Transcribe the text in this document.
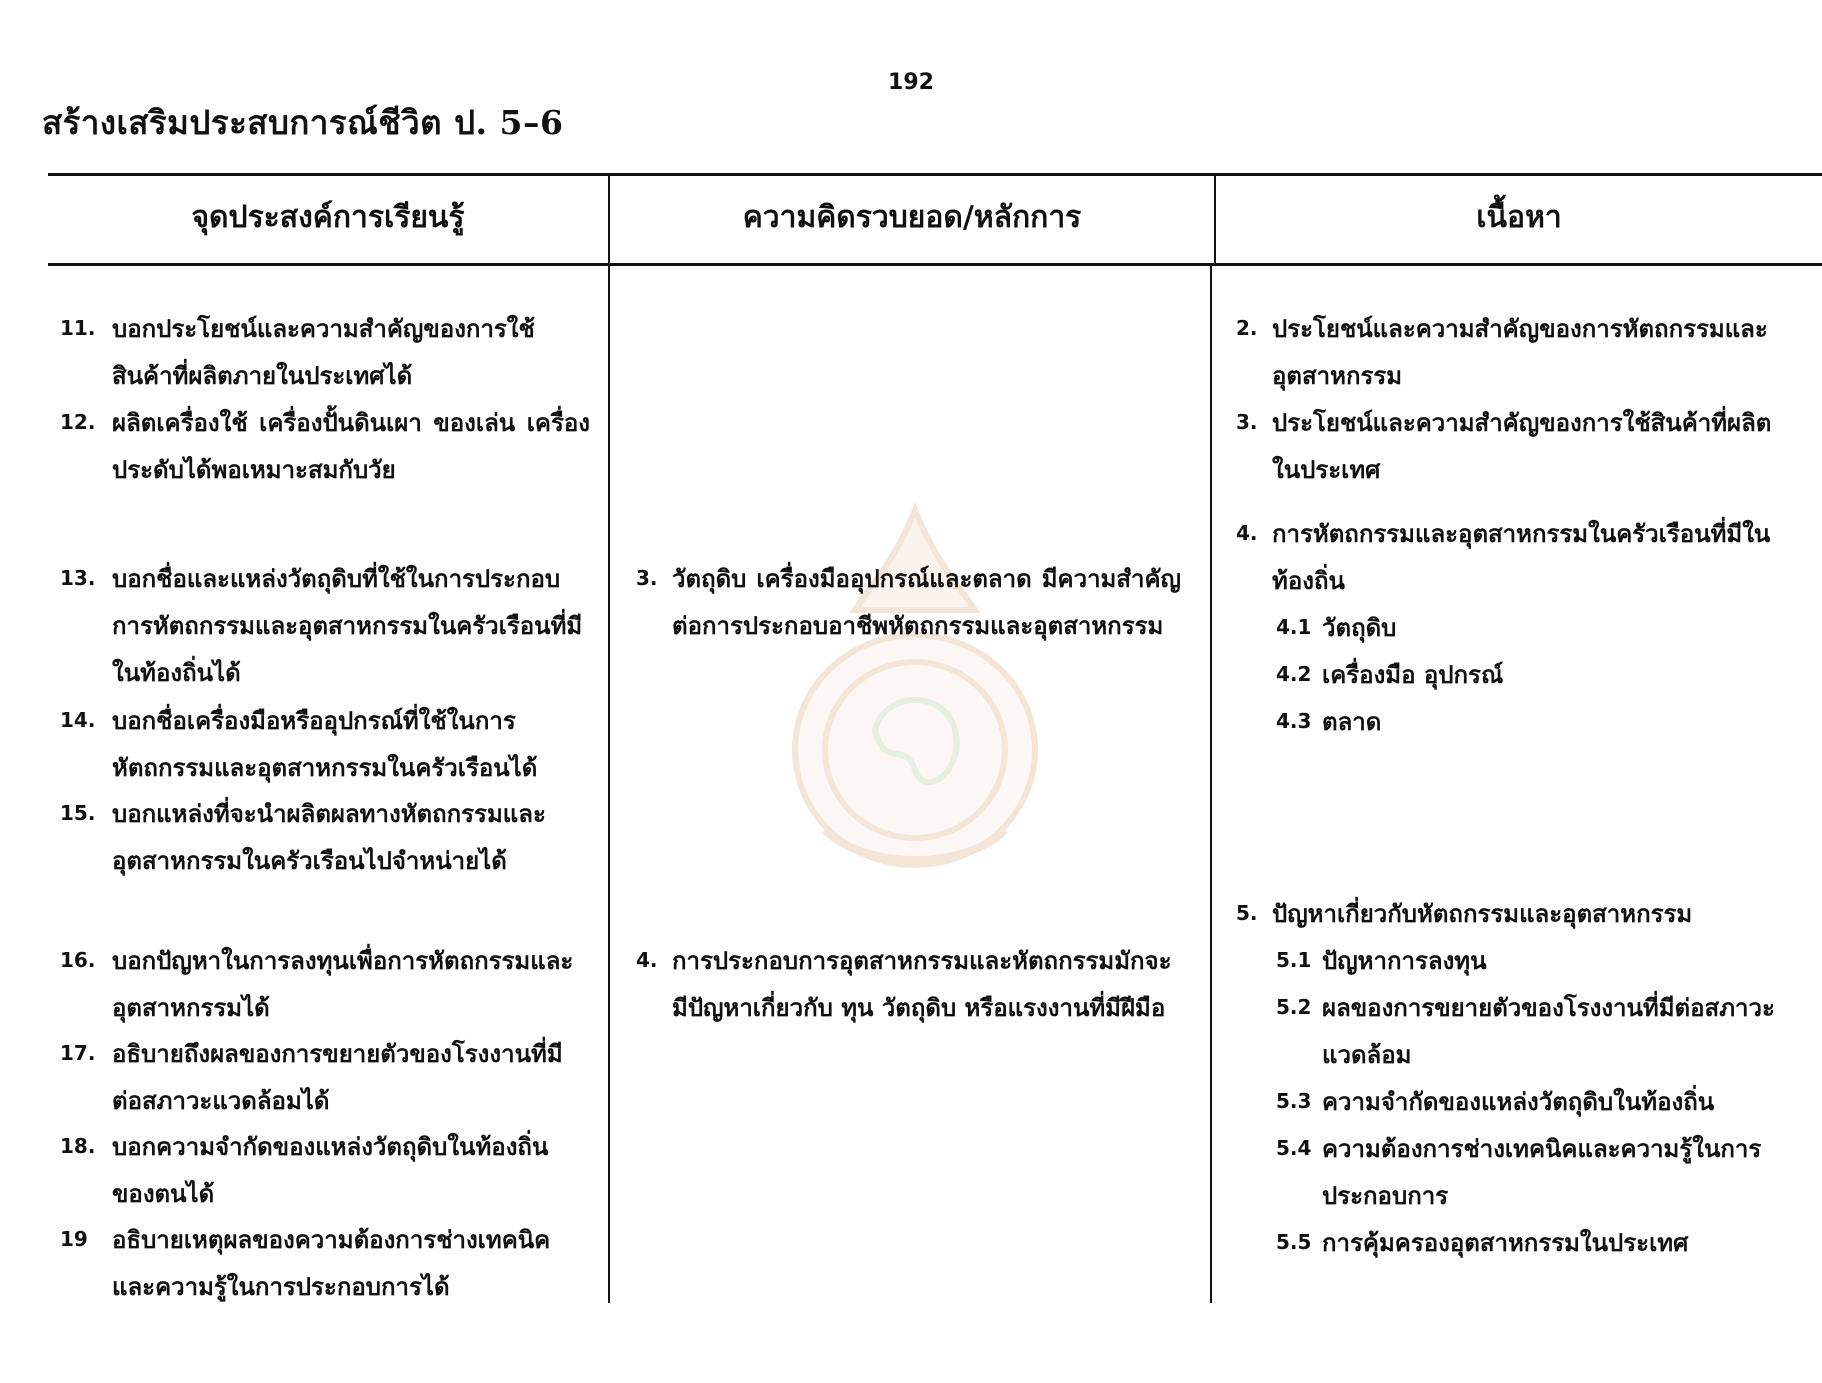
192
สร้างเสริมประสบการณ์ชีวิต ป. 5–6
จุดประสงค์การเรียนรู้	ความคิดรวบยอด/หลักการ	เนื้อหา
11. บอกประโยชน์และความสำคัญของการใช้สินค้าที่ผลิตภายในประเทศได้
12. ผลิตเครื่องใช้ เครื่องปั้นดินเผา ของเล่น เครื่องประดับได้พอเหมาะสมกับวัย
13. บอกชื่อและแหล่งวัตถุดิบที่ใช้ในการประกอบการหัตถกรรมและอุตสาหกรรมในครัวเรือนที่มีในท้องถิ่นได้
14. บอกชื่อเครื่องมือหรืออุปกรณ์ที่ใช้ในการหัตถกรรมและอุตสาหกรรมในครัวเรือนได้
15. บอกแหล่งที่จะนำผลิตผลทางหัตถกรรมและอุตสาหกรรมในครัวเรือนไปจำหน่ายได้
16. บอกปัญหาในการลงทุนเพื่อการหัตถกรรมและอุตสาหกรรมได้
17. อธิบายถึงผลของการขยายตัวของโรงงานที่มีต่อสภาวะแวดล้อมได้
18. บอกความจำกัดของแหล่งวัตถุดิบในท้องถิ่นของตนได้
19 อธิบายเหตุผลของความต้องการช่างเทคนิคและความรู้ในการประกอบการได้
3. วัตถุดิบ เครื่องมืออุปกรณ์และตลาด มีความสำคัญต่อการประกอบอาชีพหัตถกรรมและอุตสาหกรรม
4. การประกอบการอุตสาหกรรมและหัตถกรรมมักจะมีปัญหาเกี่ยวกับ ทุน วัตถุดิบ หรือแรงงานที่มีฝีมือ
2. ประโยชน์และความสำคัญของการหัตถกรรมและอุตสาหกรรม
3. ประโยชน์และความสำคัญของการใช้สินค้าที่ผลิตในประเทศ
4. การหัตถกรรมและอุตสาหกรรมในครัวเรือนที่มีในท้องถิ่น
4.1 วัตถุดิบ
4.2 เครื่องมือ อุปกรณ์
4.3 ตลาด
5. ปัญหาเกี่ยวกับหัตถกรรมและอุตสาหกรรม
5.1 ปัญหาการลงทุน
5.2 ผลของการขยายตัวของโรงงานที่มีต่อสภาวะแวดล้อม
5.3 ความจำกัดของแหล่งวัตถุดิบในท้องถิ่น
5.4 ความต้องการช่างเทคนิคและความรู้ในการประกอบการ
5.5 การคุ้มครองอุตสาหกรรมในประเทศ
